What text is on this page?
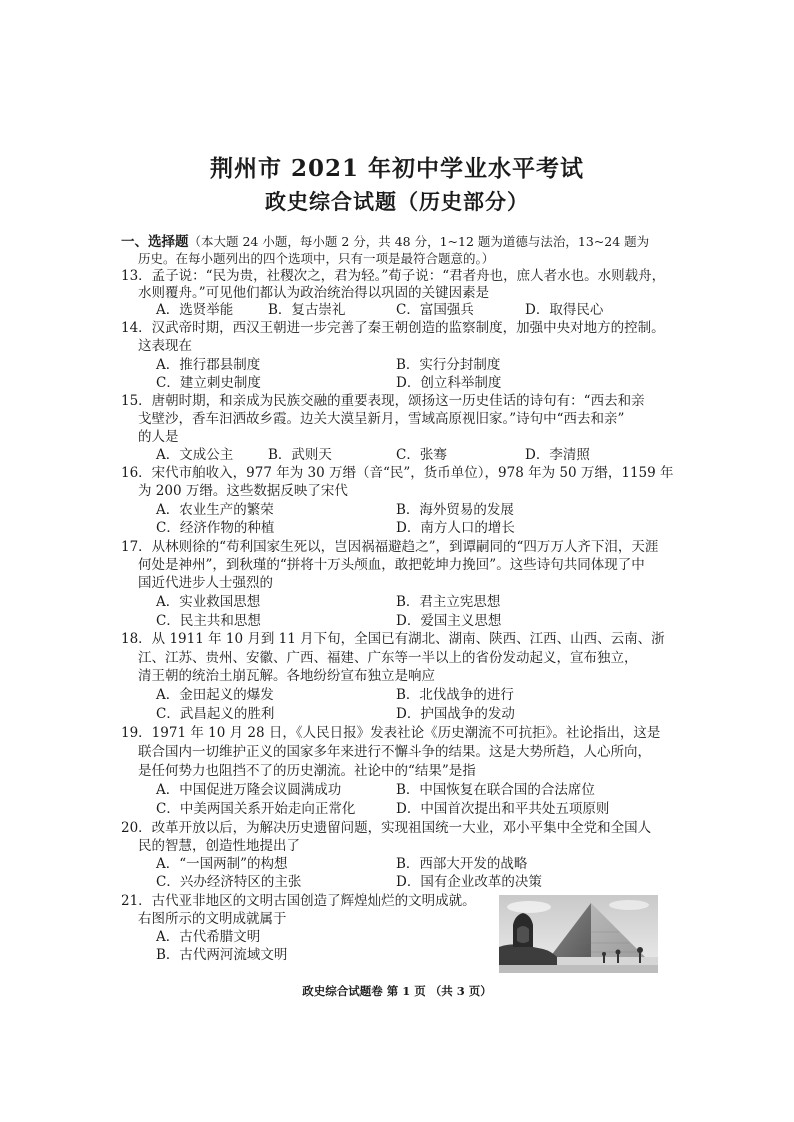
荆州市 2021 年初中学业水平考试
政史综合试题（历史部分）
一、选择题（本大题 24 小题，每小题 2 分，共 48 分，1~12 题为道德与法治，13~24 题为
历史。在每小题列出的四个选项中，只有一项是最符合题意的。）
13．孟子说：“民为贵，社稷次之，君为轻。”荀子说：“君者舟也，庶人者水也。水则载舟，
水则覆舟。”可见他们都认为政治统治得以巩固的关键因素是
A．选贤举能	B．复古崇礼	C．富国强兵	D．取得民心
14．汉武帝时期，西汉王朝进一步完善了秦王朝创造的监察制度，加强中央对地方的控制。
这表现在
A．推行郡县制度	B．实行分封制度
C．建立刺史制度	D．创立科举制度
15．唐朝时期，和亲成为民族交融的重要表现，颂扬这一历史佳话的诗句有：“西去和亲
戈壁沙，香车汩洒故乡霞。边关大漠呈新月，雪域高原视旧家。”诗句中“西去和亲”
的人是
A．文成公主	B．武则天	C．张骞	D．李清照
16．宋代市舶收入，977 年为 30 万缗（音“民”，货币单位），978 年为 50 万缗，1159 年
为 200 万缗。这些数据反映了宋代
A．农业生产的繁荣	B．海外贸易的发展
C．经济作物的种植	D．南方人口的增长
17．从林则徐的“苟利国家生死以，岂因祸福避趋之”，到谭嗣同的“四万万人齐下泪，天涯
何处是神州”，到秋瑾的“拼将十万头颅血，敢把乾坤力挽回”。这些诗句共同体现了中
国近代进步人士强烈的
A．实业救国思想	B．君主立宪思想
C．民主共和思想	D．爱国主义思想
18．从 1911 年 10 月到 11 月下旬，全国已有湖北、湖南、陕西、江西、山西、云南、浙
江、江苏、贵州、安徽、广西、福建、广东等一半以上的省份发动起义，宣布独立，
清王朝的统治土崩瓦解。各地纷纷宣布独立是响应
A．金田起义的爆发	B．北伐战争的进行
C．武昌起义的胜利	D．护国战争的发动
19．1971 年 10 月 28 日，《人民日报》发表社论《历史潮流不可抗拒》。社论指出，这是
联合国内一切维护正义的国家多年来进行不懈斗争的结果。这是大势所趋，人心所向，
是任何势力也阻挡不了的历史潮流。社论中的“结果”是指
A．中国促进万隆会议圆满成功	B．中国恢复在联合国的合法席位
C．中美两国关系开始走向正常化	D．中国首次提出和平共处五项原则
20．改革开放以后，为解决历史遗留问题，实现祖国统一大业，邓小平集中全党和全国人
民的智慧，创造性地提出了
A．“一国两制”的构想	B．西部大开发的战略
C．兴办经济特区的主张	D．国有企业改革的决策
21．古代亚非地区的文明古国创造了辉煌灿烂的文明成就。
右图所示的文明成就属于
A．古代希腊文明
B．古代两河流域文明
政史综合试题卷 第 1 页 （共 3 页）
